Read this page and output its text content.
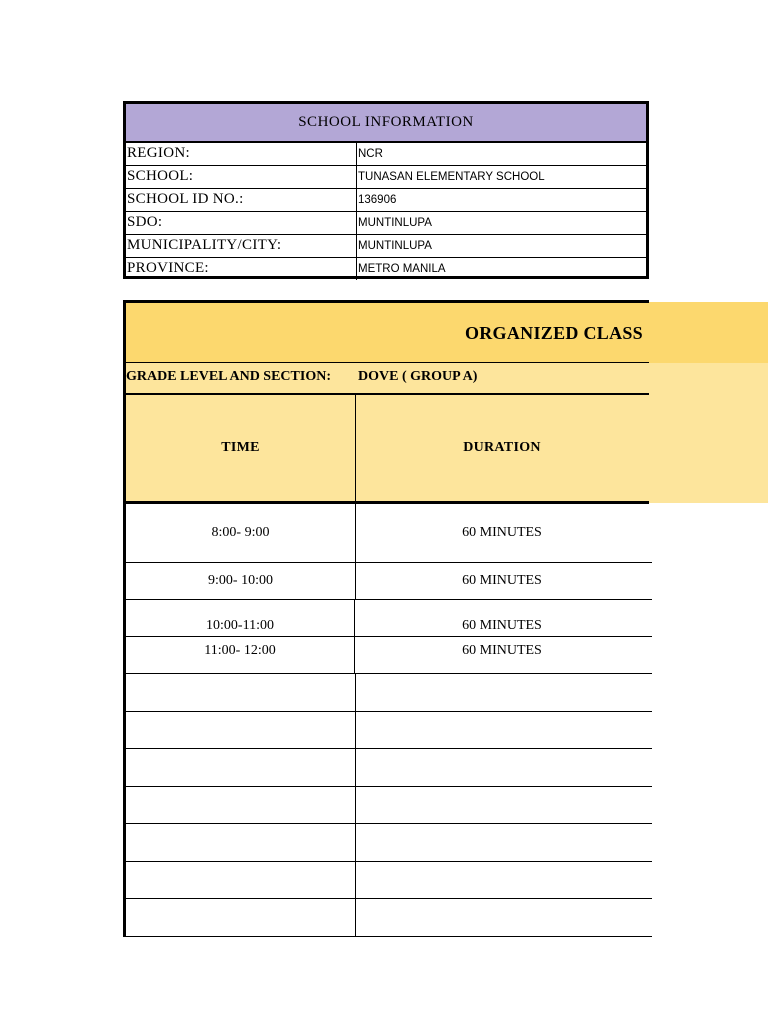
SCHOOL INFORMATION
REGION:	NCR
SCHOOL:	TUNASAN ELEMENTARY SCHOOL
SCHOOL ID NO.:	136906
SDO:	MUNTINLUPA
MUNICIPALITY/CITY:	MUNTINLUPA
PROVINCE:	METRO MANILA
ORGANIZED CLASS
GRADE LEVEL AND SECTION: DOVE ( GROUP A)
TIME	DURATION
8:00- 9:00	60 MINUTES
9:00- 10:00	60 MINUTES
10:00-11:00	60 MINUTES
11:00- 12:00	60 MINUTES
